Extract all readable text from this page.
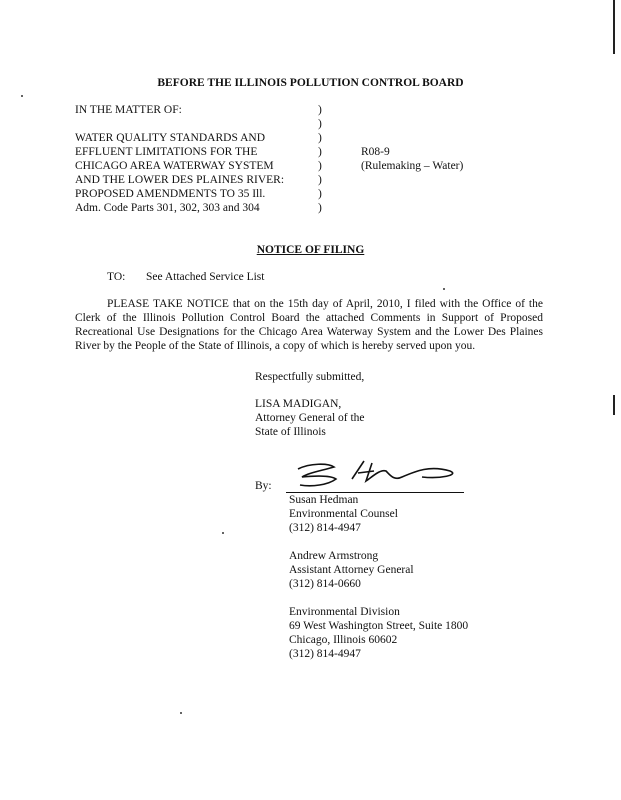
BEFORE THE ILLINOIS POLLUTION CONTROL BOARD
IN THE MATTER OF:

WATER QUALITY STANDARDS AND
EFFLUENT LIMITATIONS FOR THE
CHICAGO AREA WATERWAY SYSTEM
AND THE LOWER DES PLAINES RIVER:
PROPOSED AMENDMENTS TO 35 Ill.
Adm. Code Parts 301, 302, 303 and 304
)
)
)
)
)
)
)
)
R08-9
(Rulemaking – Water)
NOTICE OF FILING
TO: See Attached Service List

PLEASE TAKE NOTICE that on the 15th day of April, 2010, I filed with the Office of the Clerk of the Illinois Pollution Control Board the attached Comments in Support of Proposed Recreational Use Designations for the Chicago Area Waterway System and the Lower Des Plaines River by the People of the State of Illinois, a copy of which is hereby served upon you.

Respectfully submitted,
LISA MADIGAN,
Attorney General of the
State of Illinois
By:
Susan Hedman
Environmental Counsel
(312) 814-4947
Andrew Armstrong
Assistant Attorney General
(312) 814-0660
Environmental Division
69 West Washington Street, Suite 1800
Chicago, Illinois 60602
(312) 814-4947
